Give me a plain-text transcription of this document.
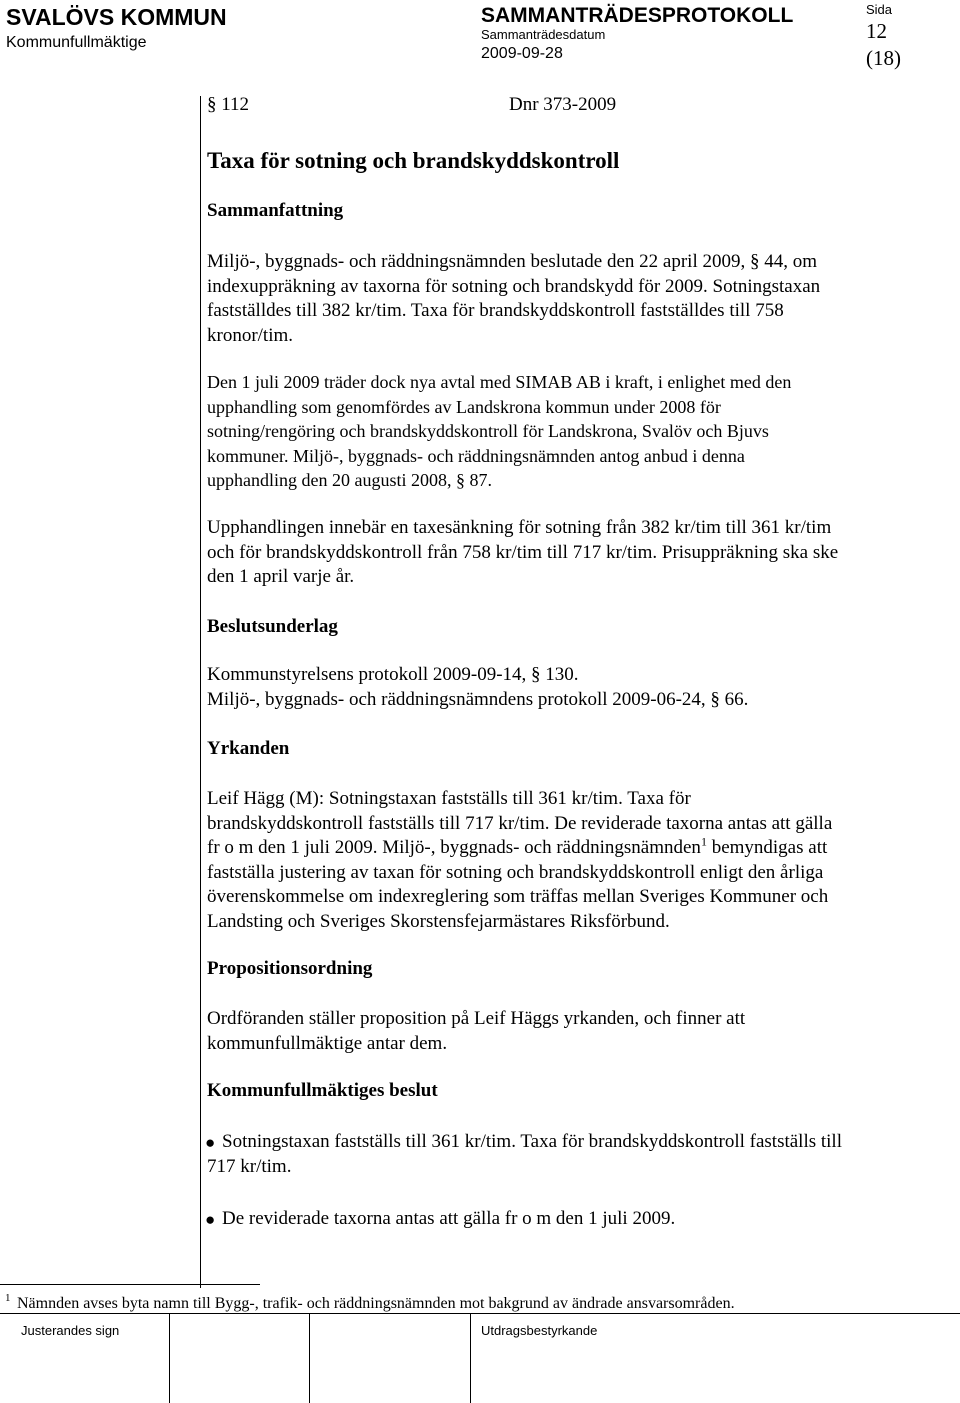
SVALÖVS KOMMUN
Kommunfullmäktige
SAMMANTRÄDESPROTOKOLL
Sammanträdesdatum
2009-09-28
Sida
12
(18)
§ 112	Dnr 373-2009
Taxa för sotning och brandskyddskontroll
Sammanfattning
Miljö-, byggnads- och räddningsnämnden beslutade den 22 april 2009, § 44, om
indexuppräkning av taxorna för sotning och brandskydd för 2009. Sotningstaxan
fastställdes till 382 kr/tim. Taxa för brandskyddskontroll fastställdes till 758
kronor/tim.
Den 1 juli 2009 träder dock nya avtal med SIMAB AB i kraft, i enlighet med den
upphandling som genomfördes av Landskrona kommun under 2008 för
sotning/rengöring och brandskyddskontroll för Landskrona, Svalöv och Bjuvs
kommuner. Miljö-, byggnads- och räddningsnämnden antog anbud i denna
upphandling den 20 augusti 2008, § 87.
Upphandlingen innebär en taxesänkning för sotning från 382 kr/tim till 361 kr/tim
och för brandskyddskontroll från 758 kr/tim till 717 kr/tim. Prisuppräkning ska ske
den 1 april varje år.
Beslutsunderlag
Kommunstyrelsens protokoll 2009-09-14, § 130.
Miljö-, byggnads- och räddningsnämndens protokoll 2009-06-24, § 66.
Yrkanden
Leif Hägg (M): Sotningstaxan fastställs till 361 kr/tim. Taxa för
brandskyddskontroll fastställs till 717 kr/tim. De reviderade taxorna antas att gälla
fr o m den 1 juli 2009. Miljö-, byggnads- och räddningsnämnden$^1$ bemyndigas att
fastställa justering av taxan för sotning och brandskyddskontroll enligt den årliga
överenskommelse om indexreglering som träffas mellan Sveriges Kommuner och
Landsting och Sveriges Skorstensfejarmästares Riksförbund.
Propositionsordning
Ordföranden ställer proposition på Leif Häggs yrkanden, och finner att
kommunfullmäktige antar dem.
Kommunfullmäktiges beslut
● Sotningstaxan fastställs till 361 kr/tim. Taxa för brandskyddskontroll fastställs till
717 kr/tim.
● De reviderade taxorna antas att gälla fr o m den 1 juli 2009.
1 Nämnden avses byta namn till Bygg-, trafik- och räddningsnämnden mot bakgrund av ändrade ansvarsområden.
Justerandes sign	Utdragsbestyrkande
